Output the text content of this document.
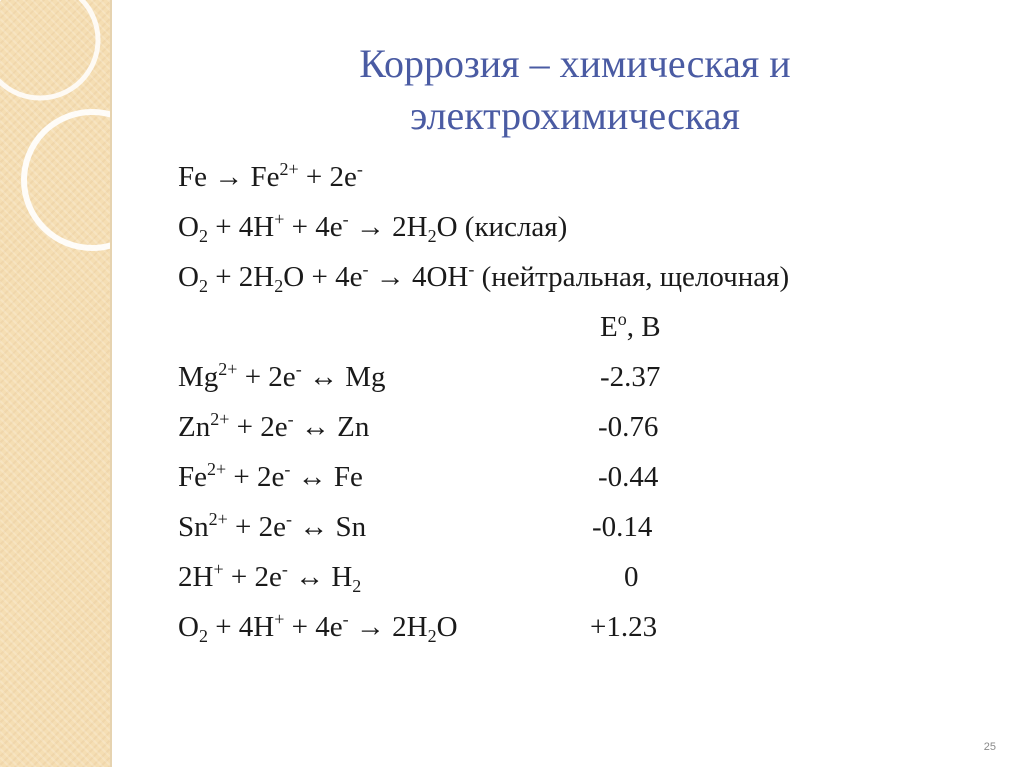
Коррозия – химическая и
электрохимическая
$Fe \to Fe^{2+} + 2e^-$
$O_2 + 4H^+ + 4e^- \to 2H_2O$ (кислая)
$O_2 + 2H_2O + 4e^- \to 4OH^-$ (нейтральная, щелочная)
$E^o$, В
$Mg^{2+} + 2e^-$ ↔ Mg	-2.37
$Zn^{2+} + 2e^-$ ↔ Zn	-0.76
$Fe^{2+} + 2e^-$ ↔ Fe	-0.44
$Sn^{2+} + 2e^-$ ↔ Sn	-0.14
2H+ + 2e- ↔ $H_2$	0
$O_2 + 4H^+ + 4e^- \to 2H_2O$	+1.23
25
